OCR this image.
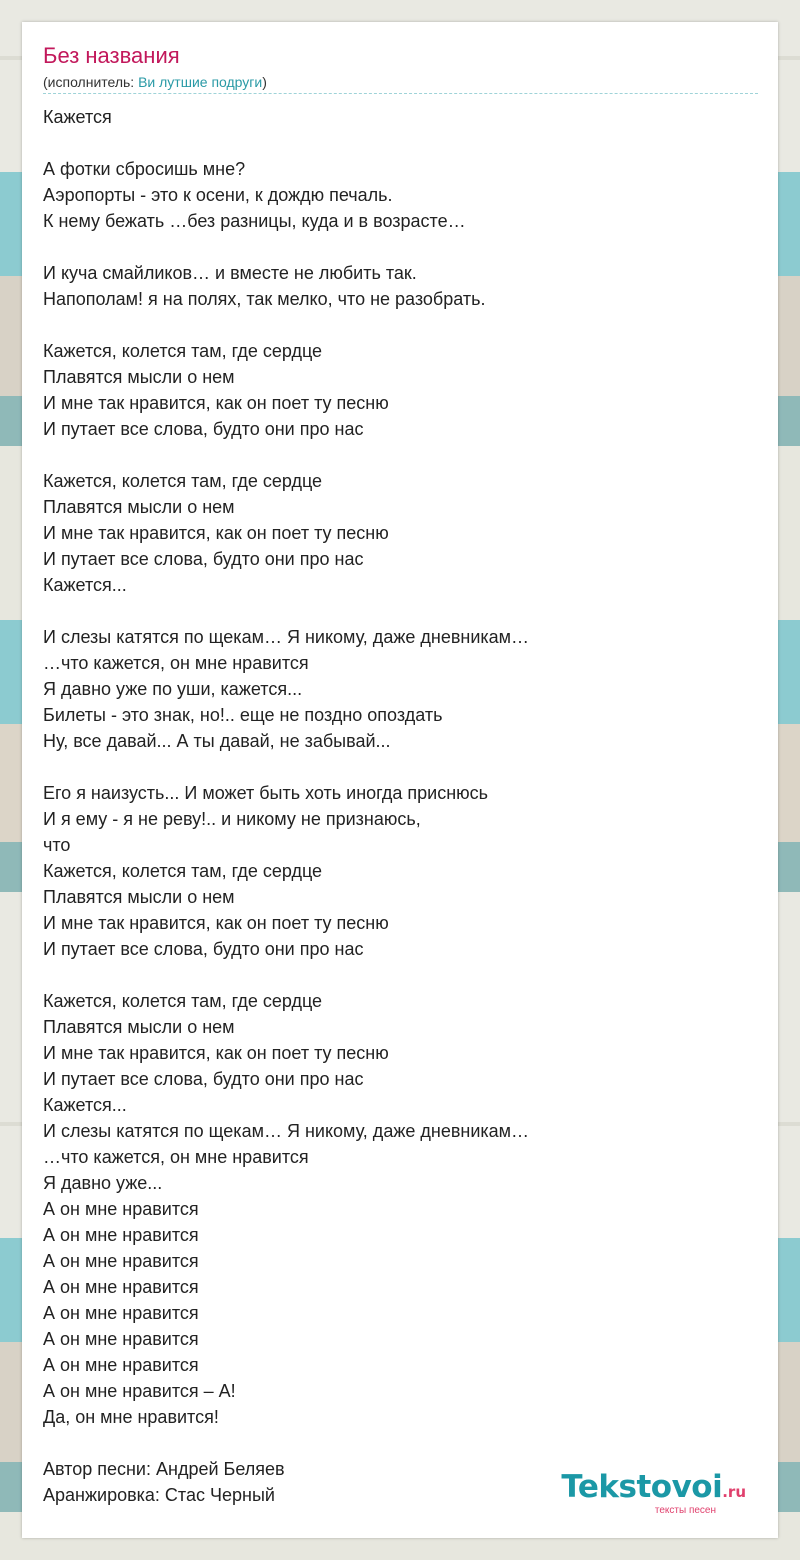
Без названия
(исполнитель: Ви лутшие подруги)
Кажется
А фотки сбросишь мне?
Аэропорты - это к осени, к дождю печаль.
К нему бежать …без разницы, куда и в возрасте…
И куча смайликов… и вместе не любить так.
Напополам! я на полях, так мелко, что не разобрать.
Кажется, колется там, где сердце
Плавятся мысли о нем
И мне так нравится, как он поет ту песню
И путает все слова, будто они про нас
Кажется, колется там, где сердце
Плавятся мысли о нем
И мне так нравится, как он поет ту песню
И путает все слова, будто они про нас
Кажется...
И слезы катятся по щекам… Я никому, даже дневникам…
…что кажется, он мне нравится
Я давно уже по уши, кажется...
Билеты - это знак, но!.. еще не поздно опоздать
Ну, все давай... А ты давай, не забывай...
Его я наизусть... И может быть хоть иногда приснюсь
И я ему - я не реву!.. и никому не признаюсь,
что
Кажется, колется там, где сердце
Плавятся мысли о нем
И мне так нравится, как он поет ту песню
И путает все слова, будто они про нас
Кажется, колется там, где сердце
Плавятся мысли о нем
И мне так нравится, как он поет ту песню
И путает все слова, будто они про нас
Кажется...
И слезы катятся по щекам… Я никому, даже дневникам…
…что кажется, он мне нравится
Я давно уже...
А он мне нравится
А он мне нравится
А он мне нравится
А он мне нравится
А он мне нравится
А он мне нравится
А он мне нравится
А он мне нравится – А!
Да, он мне нравится!
Автор песни: Андрей Беляев
Аранжировка: Стас Черный	Tekstovoi.ru
тексты песен
